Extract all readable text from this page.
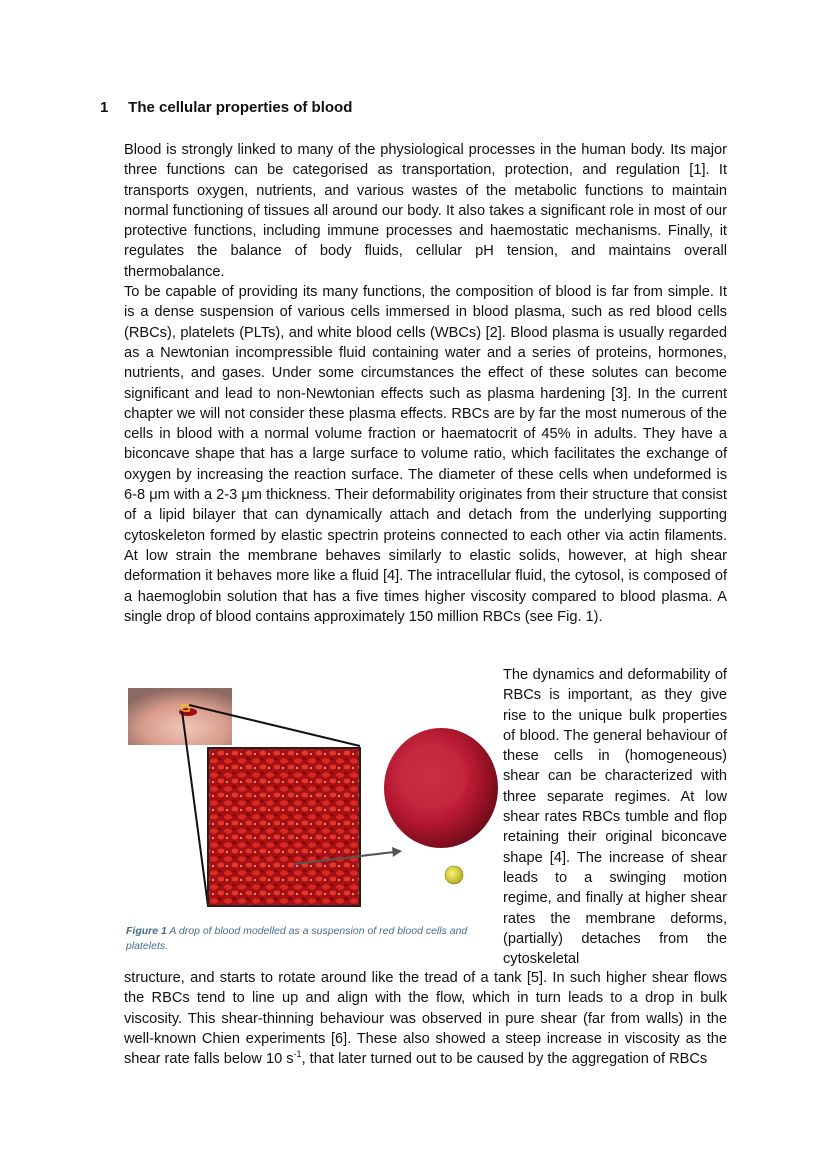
1 The cellular properties of blood

Blood is strongly linked to many of the physiological processes in the human body. Its major three functions can be categorised as transportation, protection, and regulation [1]. It transports oxygen, nutrients, and various wastes of the metabolic functions to maintain normal functioning of tissues all around our body. It also takes a significant role in most of our protective functions, including immune processes and haemostatic mechanisms. Finally, it regulates the balance of body fluids, cellular pH tension, and maintains overall thermobalance.

To be capable of providing its many functions, the composition of blood is far from simple. It is a dense suspension of various cells immersed in blood plasma, such as red blood cells (RBCs), platelets (PLTs), and white blood cells (WBCs) [2]. Blood plasma is usually regarded as a Newtonian incompressible fluid containing water and a series of proteins, hormones, nutrients, and gases. Under some circumstances the effect of these solutes can become significant and lead to non-Newtonian effects such as plasma hardening [3]. In the current chapter we will not consider these plasma effects. RBCs are by far the most numerous of the cells in blood with a normal volume fraction or haematocrit of 45% in adults. They have a biconcave shape that has a large surface to volume ratio, which facilitates the exchange of oxygen by increasing the reaction surface. The diameter of these cells when undeformed is 6-8 μm with a 2-3 μm thickness. Their deformability originates from their structure that consist of a lipid bilayer that can dynamically attach and detach from the underlying supporting cytoskeleton formed by elastic spectrin proteins connected to each other via actin filaments. At low strain the membrane behaves similarly to elastic solids, however, at high shear deformation it behaves more like a fluid [4]. The intracellular fluid, the cytosol, is composed of a haemoglobin solution that has a five times higher viscosity compared to blood plasma. A single drop of blood contains approximately 150 million RBCs (see Fig. 1).

Figure 1 A drop of blood modelled as a suspension of red blood cells and platelets.

The dynamics and deformability of RBCs is important, as they give rise to the unique bulk properties of blood. The general behaviour of these cells in (homogeneous) shear can be characterized with three separate regimes. At low shear rates RBCs tumble and flop retaining their original biconcave shape [4]. The increase of shear leads to a swinging motion regime, and finally at higher shear rates the membrane deforms, (partially) detaches from the cytoskeletal

structure, and starts to rotate around like the tread of a tank [5]. In such higher shear flows the RBCs tend to line up and align with the flow, which in turn leads to a drop in bulk viscosity. This shear-thinning behaviour was observed in pure shear (far from walls) in the well-known Chien experiments [6]. These also showed a steep increase in viscosity as the shear rate falls below 10 $s^{-1}$, that later turned out to be caused by the aggregation of RBCs
